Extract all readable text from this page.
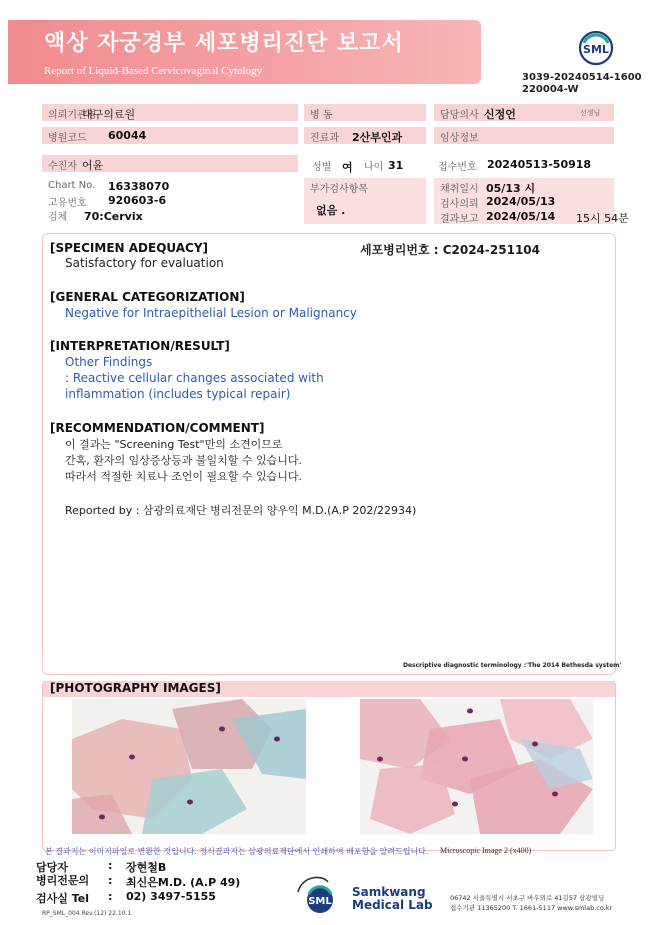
액상 자궁경부 세포병리진단 보고서
Report of Liquid-Based Cervicovaginal Cytology
SML
3039-20240514-1600
220004-W
의뢰기관명
대구의료원	병 동	담당의사 신정언	선생님
병원코드	60044	진료과	2산부인과	임상정보
수진자 어윤	성별 여 나이 31	접수번호 20240513-50918
Chart No. 16338070
고유번호 920603-6
검체 70:Cervix
부가검사항목
없음 .
채취일시 05/13 시
검사의뢰 2024/05/13
결과보고 2024/05/14 15시 54분
[SPECIMEN ADEQUACY]	세포병리번호 : C2024-251104
Satisfactory for evaluation
[GENERAL CATEGORIZATION]
Negative for Intraepithelial Lesion or Malignancy
[INTERPRETATION/RESULT]
Other Findings
: Reactive cellular changes associated with
inflammation (includes typical repair)
[RECOMMENDATION/COMMENT]
이 결과는 "Screening Test"만의 소견이므로
간혹, 환자의 임상증상등과 불일치할 수 있습니다.
따라서 적절한 치료나 조언이 필요할 수 있습니다.
Reported by : 삼광의료재단 병리전문의 양우익 M.D.(A.P 202/22934)
Descriptive diagnostic terminology :'The 2014 Bethesda system'
[PHOTOGRAPHY IMAGES]
본 결과지는 이미지파일로 변환한 것입니다. 정식결과지는 삼광의료재단에서 인쇄하여 배포함을 알려드립니다. Microscopic Image 2 (x400)
담당자	: 장현철B
병리전문의 : 최신은M.D. (A.P 49)
검사실 Tel : 02) 3497-5155	SML
Samkwang
Medical Lab	06742 서울특별시 서초구 바우뫼로 41길57 삼광빌딩
접수기관 11365200 T. 1661-5117 www.smlab.co.kr
RP_SML_004 Rev.(12) 22.10.1
